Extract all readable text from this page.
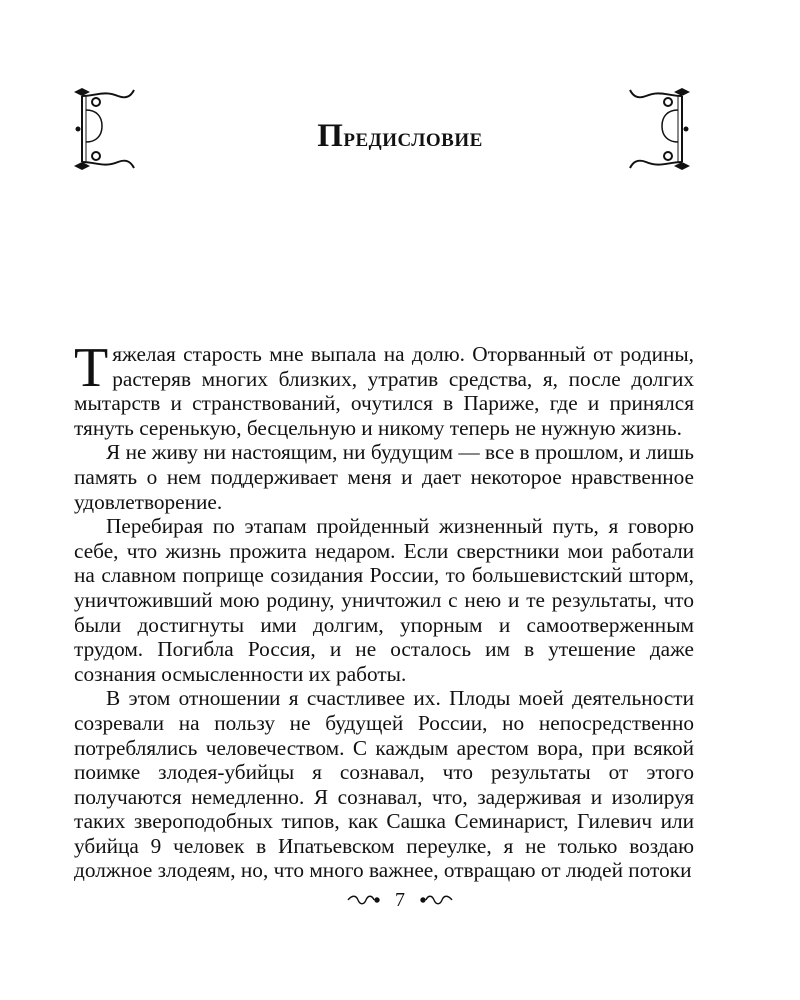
Предисловие

Тяжелая старость мне выпала на долю. Оторванный от родины, растеряв многих близких, утратив средства, я, после долгих мытарств и странствований, очутился в Париже, где и принялся тянуть серенькую, бесцельную и никому теперь не нужную жизнь.

Я не живу ни настоящим, ни будущим — все в прошлом, и лишь память о нем поддерживает меня и дает некоторое нравственное удовлетворение.

Перебирая по этапам пройденный жизненный путь, я говорю себе, что жизнь прожита недаром. Если сверстники мои работали на славном поприще созидания России, то большевистский шторм, уничтоживший мою родину, уничтожил с нею и те результаты, что были достигнуты ими долгим, упорным и самоотверженным трудом. Погибла Россия, и не осталось им в утешение даже сознания осмысленности их работы.

В этом отношении я счастливее их. Плоды моей деятельности созревали на пользу не будущей России, но непосредственно потреблялись человечеством. С каждым арестом вора, при всякой поимке злодея-убийцы я сознавал, что результаты от этого получаются немедленно. Я сознавал, что, задерживая и изолируя таких звероподобных типов, как Сашка Семинарист, Гилевич или убийца 9 человек в Ипатьевском переулке, я не только воздаю должное злодеям, но, что много важнее, отвращаю от людей потоки

7
